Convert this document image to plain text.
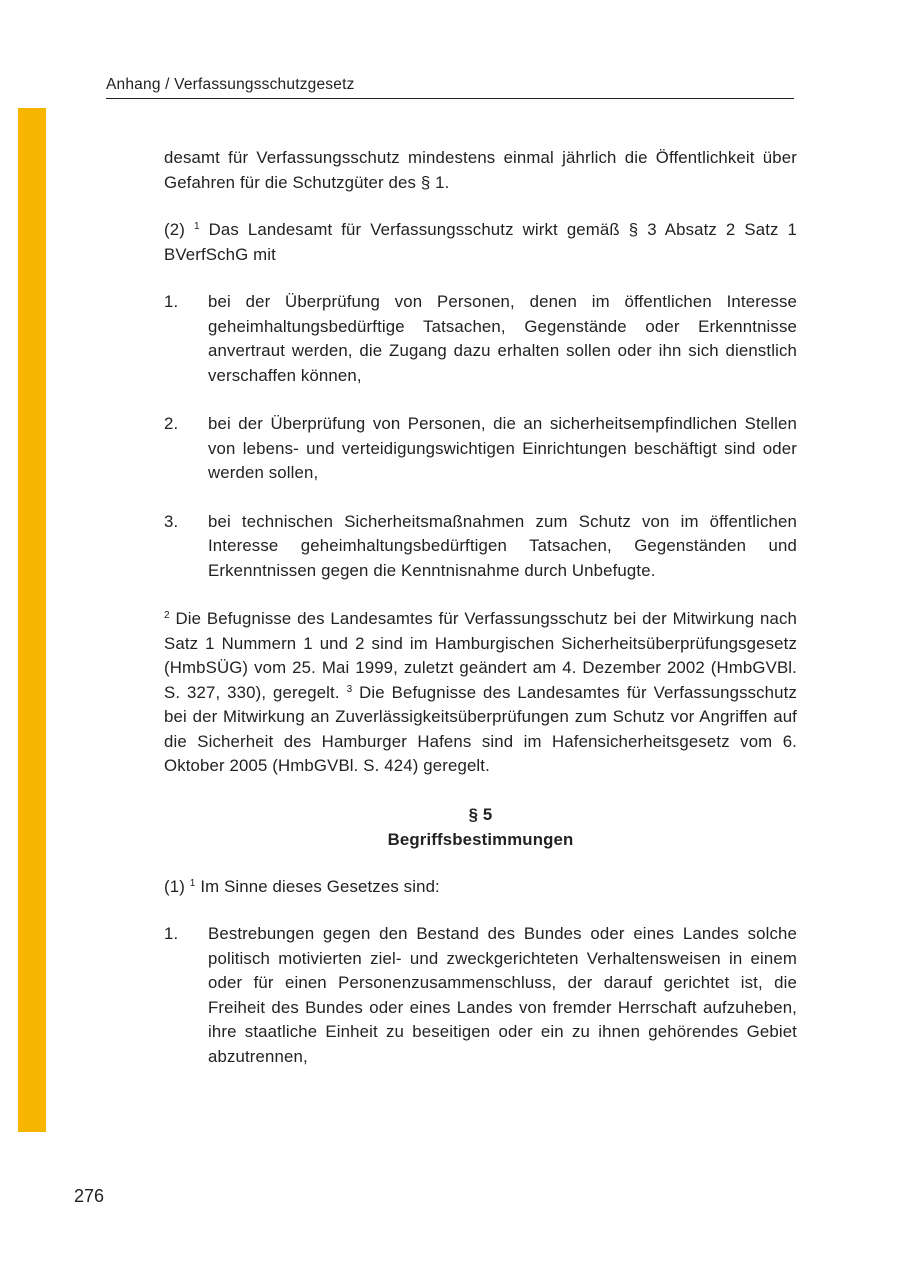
Anhang / Verfassungsschutzgesetz

desamt für Verfassungsschutz mindestens einmal jährlich die Öffentlichkeit über Gefahren für die Schutzgüter des § 1.

(2) $^1$ Das Landesamt für Verfassungsschutz wirkt gemäß § 3 Absatz 2 Satz 1 BVerfSchG mit

1. bei der Überprüfung von Personen, denen im öffentlichen Interesse geheimhaltungsbedürftige Tatsachen, Gegenstände oder Erkenntnisse anvertraut werden, die Zugang dazu erhalten sollen oder ihn sich dienstlich verschaffen können,
2. bei der Überprüfung von Personen, die an sicherheitsempfindlichen Stellen von lebens- und verteidigungswichtigen Einrichtungen beschäftigt sind oder werden sollen,
3. bei technischen Sicherheitsmaßnahmen zum Schutz von im öffentlichen Interesse geheimhaltungsbedürftigen Tatsachen, Gegenständen und Erkenntnissen gegen die Kenntnisnahme durch Unbefugte.

$^2$ Die Befugnisse des Landesamtes für Verfassungsschutz bei der Mitwirkung nach Satz 1 Nummern 1 und 2 sind im Hamburgischen Sicherheitsüberprüfungsgesetz (HmbSÜG) vom 25. Mai 1999, zuletzt geändert am 4. Dezember 2002 (HmbGVBl. S. 327, 330), geregelt. $^3$ Die Befugnisse des Landesamtes für Verfassungsschutz bei der Mitwirkung an Zuverlässigkeitsüberprüfungen zum Schutz vor Angriffen auf die Sicherheit des Hamburger Hafens sind im Hafensicherheitsgesetz vom 6. Oktober 2005 (HmbGVBl. S. 424) geregelt.

§ 5
Begriffsbestimmungen

(1) $^1$ Im Sinne dieses Gesetzes sind:

1. Bestrebungen gegen den Bestand des Bundes oder eines Landes solche politisch motivierten ziel- und zweckgerichteten Verhaltensweisen in einem oder für einen Personenzusammenschluss, der darauf gerichtet ist, die Freiheit des Bundes oder eines Landes von fremder Herrschaft aufzuheben, ihre staatliche Einheit zu beseitigen oder ein zu ihnen gehörendes Gebiet abzutrennen,
276
